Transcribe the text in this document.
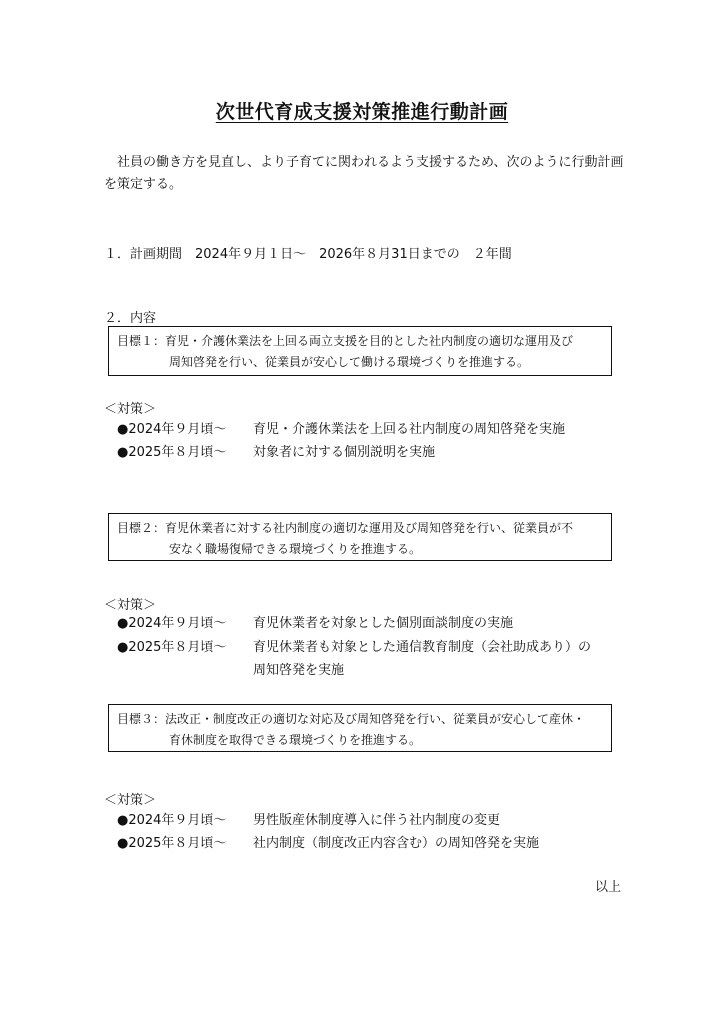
次世代育成支援対策推進行動計画
社員の働き方を見直し、より子育てに関われるよう支援するため、次のように行動計画を策定する。
１．計画期間　2024年９月１日～　2026年８月31日までの　２年間
２．内容
目標１：育児・介護休業法を上回る両立支援を目的とした社内制度の適切な運用及び
周知啓発を行い、従業員が安心して働ける環境づくりを推進する。
＜対策＞
●2024年９月頃～ 育児・介護休業法を上回る社内制度の周知啓発を実施
●2025年８月頃～ 対象者に対する個別説明を実施
目標２：育児休業者に対する社内制度の適切な運用及び周知啓発を行い、従業員が不
安なく職場復帰できる環境づくりを推進する。
＜対策＞
●2024年９月頃～ 育児休業者を対象とした個別面談制度の実施
●2025年８月頃～ 育児休業者も対象とした通信教育制度（会社助成あり）の
周知啓発を実施
目標３：法改正・制度改正の適切な対応及び周知啓発を行い、従業員が安心して産休・
育休制度を取得できる環境づくりを推進する。
＜対策＞
●2024年９月頃～ 男性版産休制度導入に伴う社内制度の変更
●2025年８月頃～ 社内制度（制度改正内容含む）の周知啓発を実施
以上
